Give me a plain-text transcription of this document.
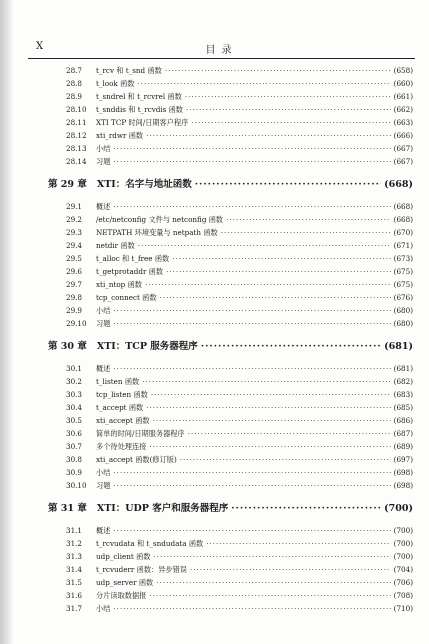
X	目录
28.7	t_rcv 和 t_snd 函数 ·····	(658)
28.8	t_look 函数 ·····	(660)
28.9	t_sndrel 和 t_rcvrel 函数 ·····	(661)
28.10	t_snddis 和 t_rcvdis 函数 ·····	(662)
28.11	XTI TCP 时间/日期客户程序 ·····	(663)
28.12	xti_rdwr 函数 ·····	(666)
28.13	小结 ·····	(667)
28.14	习题 ·····	(667)
第 29 章 XTI：名字与地址函数 ·····	(668)
29.1	概述 ·····	(668)
29.2	/etc/netconfig 文件与 netconfig 函数 ·····	(668)
29.3	NETPATH 环境变量与 netpath 函数 ·····	(670)
29.4	netdir 函数 ·····	(671)
29.5	t_alloc 和 t_free 函数 ·····	(673)
29.6	t_getprotaddr 函数 ·····	(675)
29.7	xti_ntop 函数 ·····	(675)
29.8	tcp_connect 函数 ·····	(676)
29.9	小结 ·····	(680)
29.10	习题 ·····	(680)
第 30 章 XTI：TCP 服务器程序 ·····	(681)
30.1	概述 ·····	(681)
30.2	t_listen 函数 ·····	(682)
30.3	tcp_listen 函数 ·····	(683)
30.4	t_accept 函数 ·····	(685)
30.5	xti_accept 函数 ·····	(686)
30.6	简单的时间/日期服务器程序 ·····	(687)
30.7	多个待处理连接 ·····	(689)
30.8	xti_accept 函数(修订版) ·····	(697)
30.9	小结 ·····	(698)
30.10	习题 ·····	(698)
第 31 章 XTI：UDP 客户和服务器程序 ·····	(700)
31.1	概述 ·····	(700)
31.2	t_rcvudata 和 t_sndudata 函数 ·····	(700)
31.3	udp_client 函数 ·····	(700)
31.4	t_rcvuderr 函数：异步错误 ·····	(704)
31.5	udp_server 函数 ·····	(706)
31.6	分片读取数据报 ·····	(708)
31.7	小结 ·····	(710)
